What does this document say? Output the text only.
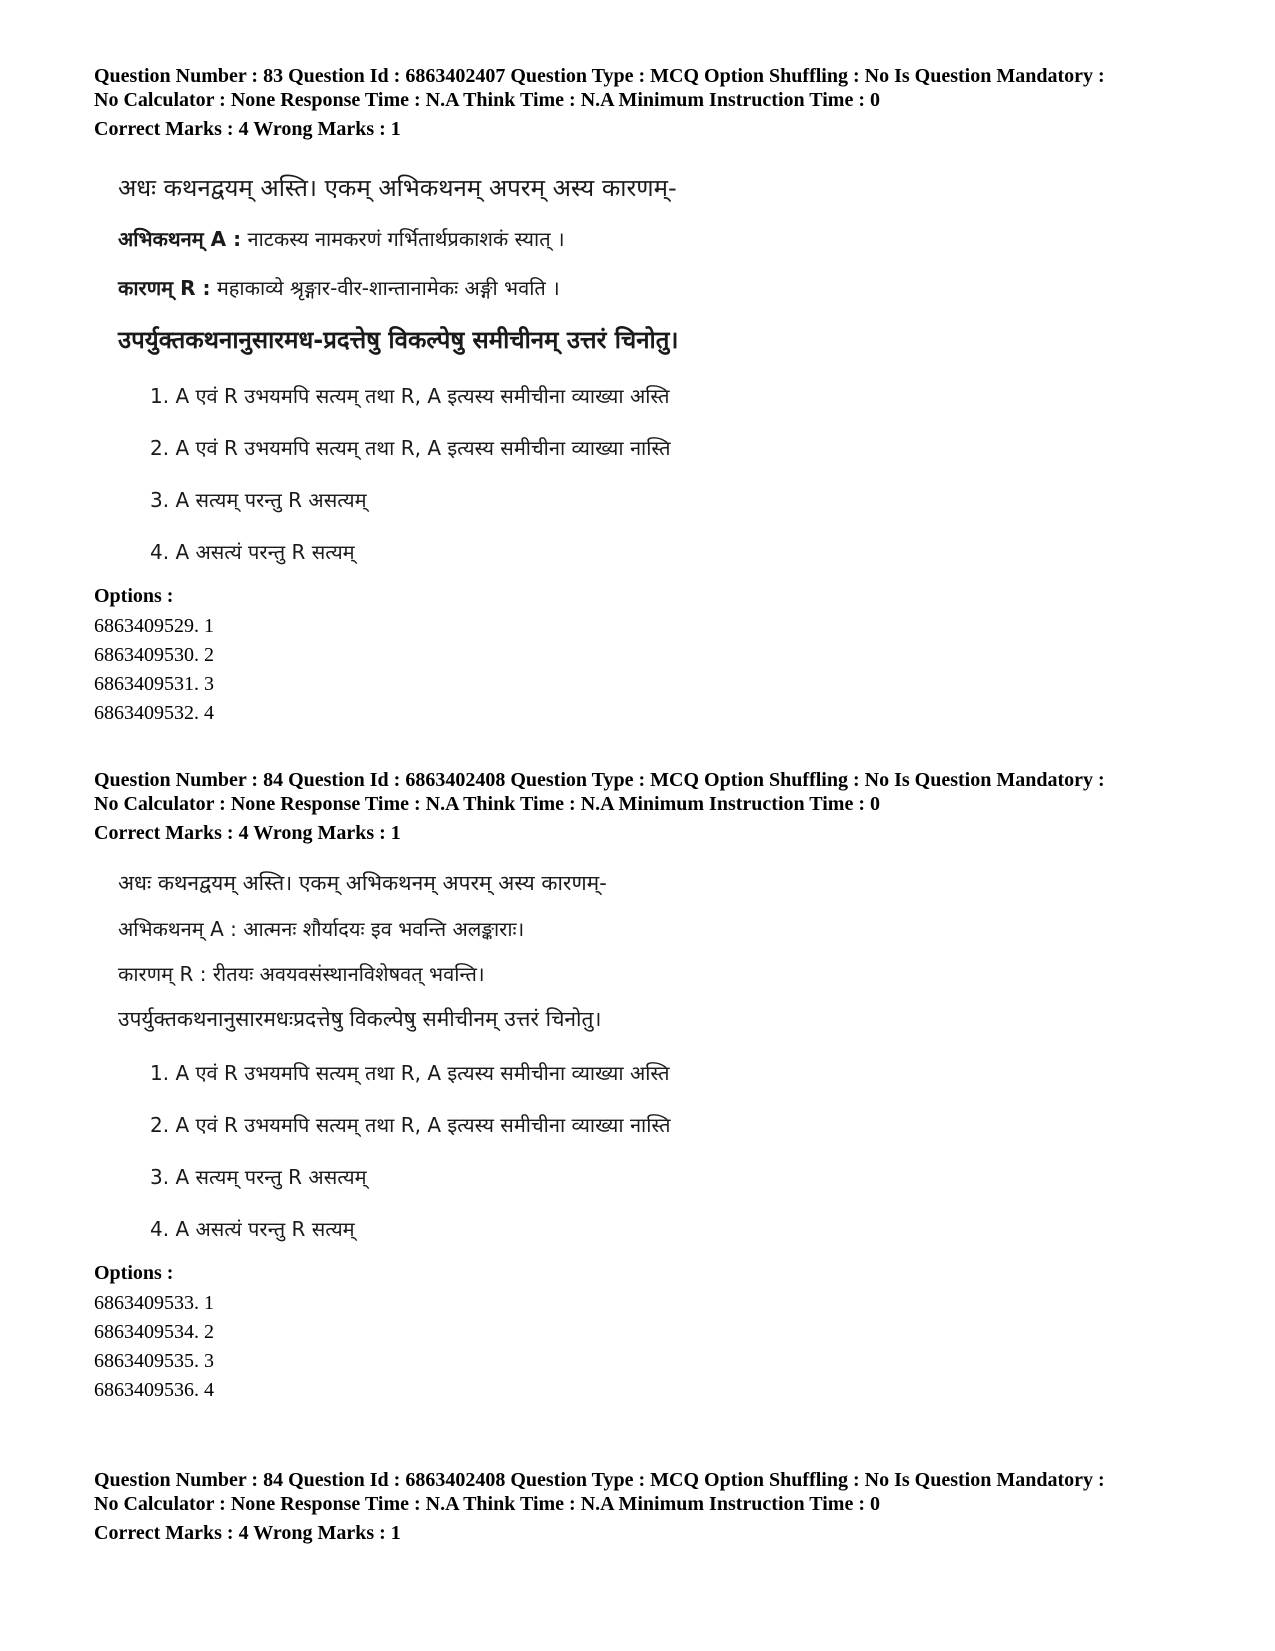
Question Number : 83 Question Id : 6863402407 Question Type : MCQ Option Shuffling : No Is Question Mandatory :

No Calculator : None Response Time : N.A Think Time : N.A Minimum Instruction Time : 0

Correct Marks : 4 Wrong Marks : 1
अधः कथनद्वयम् अस्ति। एकम् अभिकथनम् अपरम् अस्य कारणम्-
अभिकथनम् A : नाटकस्य नामकरणं गर्भितार्थप्रकाशकं स्यात् ।
कारणम् R : महाकाव्ये श्रृङ्गार-वीर-शान्तानामेकः अङ्गी भवति ।
उपर्युक्तकथनानुसारमध-प्रदत्तेषु विकल्पेषु समीचीनम् उत्तरं चिनोतु।
1. A एवं R उभयमपि सत्यम् तथा R, A इत्यस्य समीचीना व्याख्या अस्ति
2. A एवं R उभयमपि सत्यम् तथा R, A इत्यस्य समीचीना व्याख्या नास्ति
3. A सत्यम् परन्तु R असत्यम्
4. A असत्यं परन्तु R सत्यम्
Options :
6863409529. 1
6863409530. 2
6863409531. 3
6863409532. 4

Question Number : 84 Question Id : 6863402408 Question Type : MCQ Option Shuffling : No Is Question Mandatory :

No Calculator : None Response Time : N.A Think Time : N.A Minimum Instruction Time : 0

Correct Marks : 4 Wrong Marks : 1
अधः कथनद्वयम् अस्ति। एकम् अभिकथनम् अपरम् अस्य कारणम्-
अभिकथनम् A : आत्मनः शौर्यादयः इव भवन्ति अलङ्काराः।
कारणम् R : रीतयः अवयवसंस्थानविशेषवत् भवन्ति।
उपर्युक्तकथनानुसारमधःप्रदत्तेषु विकल्पेषु समीचीनम् उत्तरं चिनोतु।
1. A एवं R उभयमपि सत्यम् तथा R, A इत्यस्य समीचीना व्याख्या अस्ति
2. A एवं R उभयमपि सत्यम् तथा R, A इत्यस्य समीचीना व्याख्या नास्ति
3. A सत्यम् परन्तु R असत्यम्
4. A असत्यं परन्तु R सत्यम्
Options :
6863409533. 1
6863409534. 2
6863409535. 3
6863409536. 4

Question Number : 84 Question Id : 6863402408 Question Type : MCQ Option Shuffling : No Is Question Mandatory :

No Calculator : None Response Time : N.A Think Time : N.A Minimum Instruction Time : 0

Correct Marks : 4 Wrong Marks : 1
